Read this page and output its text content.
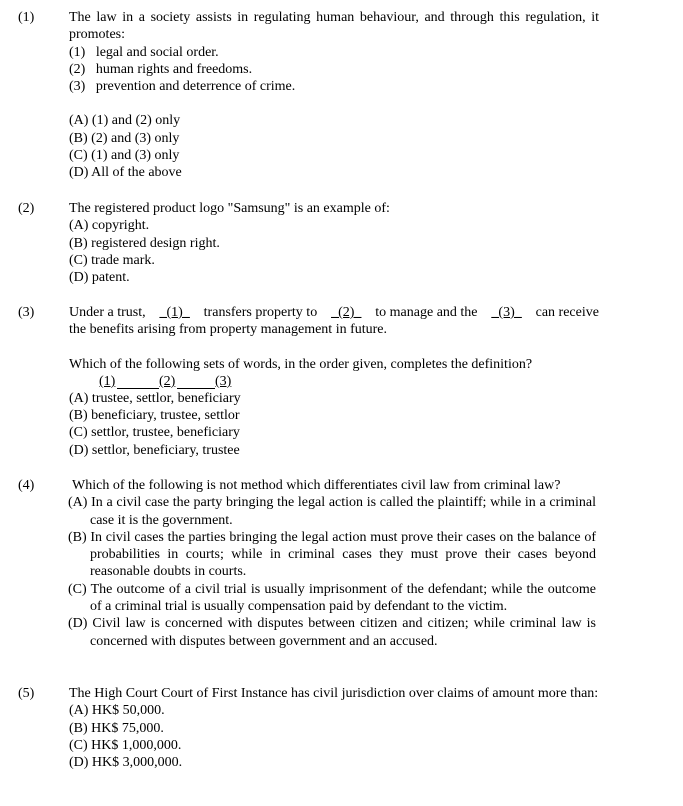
(1)	The law in a society assists in regulating human behaviour, and through this regulation, it promotes:
(1)   legal and social order.
(2)   human rights and freedoms.
(3)   prevention and deterrence of crime.
(A) (1) and (2) only
(B) (2) and (3) only
(C) (1) and (3) only
(D) All of the above
(2)	The registered product logo "Samsung" is an example of:
(A) copyright.
(B) registered design right.
(C) trade mark.
(D) patent.
(3)	Under a trust, _(1)_ transfers property to _(2)_ to manage and the _(3)_ can receive
the benefits arising from property management in future.
Which of the following sets of words, in the order given, completes the definition?
(1)	(2)	(3)
(A) trustee, settlor, beneficiary
(B) beneficiary, trustee, settlor
(C) settlor, trustee, beneficiary
(D) settlor, beneficiary, trustee
(4)	Which of the following is not method which differentiates civil law from criminal law?
(A) In a civil case the party bringing the legal action is called the plaintiff; while in a criminal case it is the government.
(B) In civil cases the parties bringing the legal action must prove their cases on the balance of probabilities in courts; while in criminal cases they must prove their cases beyond reasonable doubts in courts.
(C) The outcome of a civil trial is usually imprisonment of the defendant; while the outcome of a criminal trial is usually compensation paid by defendant to the victim.
(D) Civil law is concerned with disputes between citizen and citizen; while criminal law is concerned with disputes between government and an accused.
(5)	The High Court Court of First Instance has civil jurisdiction over claims of amount more than:
(A) HK$ 50,000.
(B) HK$ 75,000.
(C) HK$ 1,000,000.
(D) HK$ 3,000,000.
